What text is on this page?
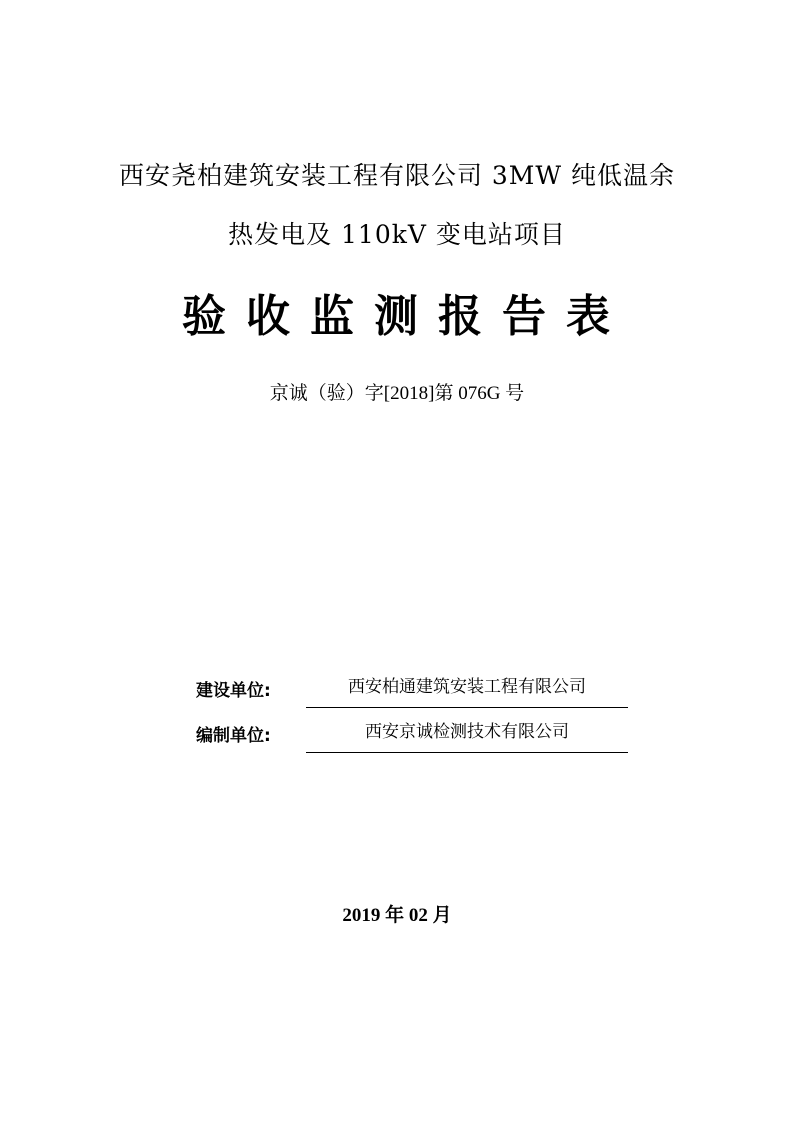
西安尧柏建筑安装工程有限公司 3MW 纯低温余
热发电及 110kV 变电站项目
验收监测报告表
京诚（验）字[2018]第 076G 号
建设单位:	西安柏通建筑安装工程有限公司
编制单位:	西安京诚检测技术有限公司
2019 年 02 月
